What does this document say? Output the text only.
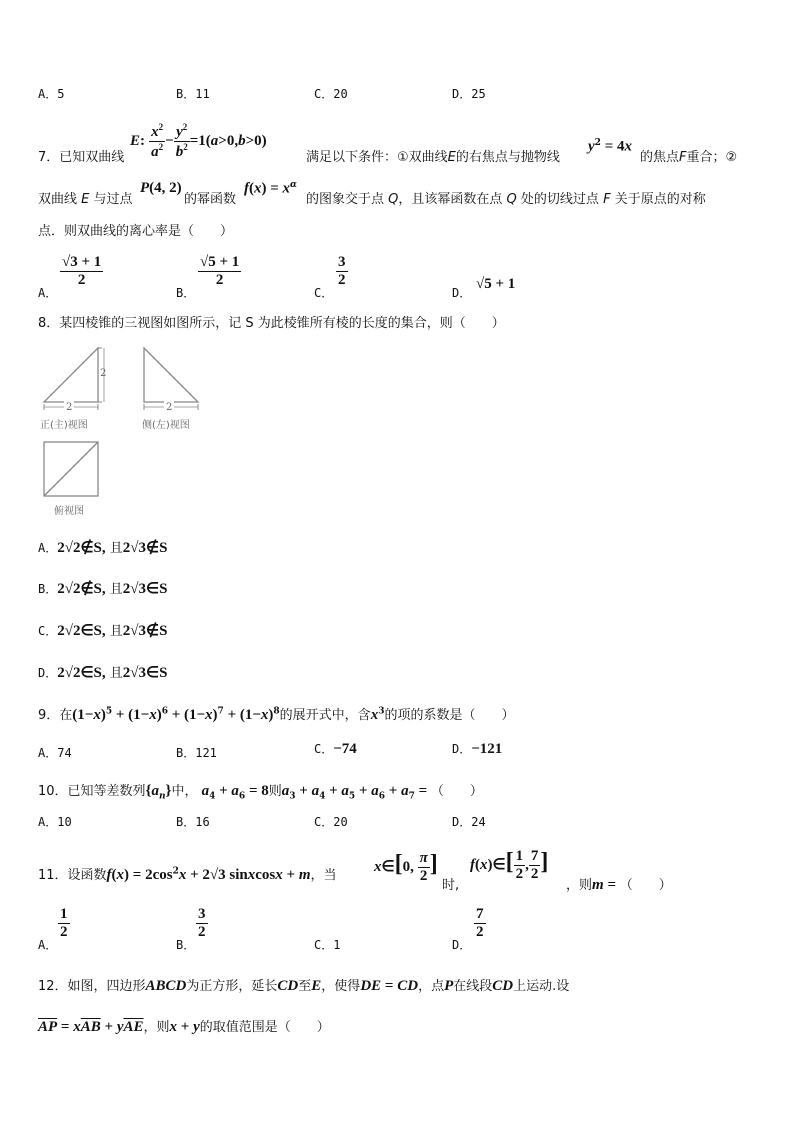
A．5	B．11	C．20	D．25
E: $\frac{x^2}{a^2} - \frac{y^2}{b^2} =1(a>0,b>0)$
7．已知双曲线	满足以下条件：①双曲线E的右焦点与抛物线
$y^2 = 4x$
的焦点F重合；②
双曲线 E 与过点
P(4, 2)
的幂函数
$f(x) = x^\alpha$
的图象交于点 Q，且该幂函数在点 Q 处的切线过点 F 关于原点的对称
点．则双曲线的离心率是（　　）
A．
$\frac{√3 + 1}{2}$
B．
$\frac{√5 + 1}{2}$
C．
$\frac{3}{2}$
D．
√5 + 1
8．某四棱锥的三视图如图所示，记 S 为此棱锥所有棱的长度的集合，则（　　）
2
2	2
正(主)视图	侧(左)视图
俯视图
A．2√2∉S, 且2√3∉S
B．2√2∉S, 且2√3∈S
C．2√2∈S, 且2√3∉S
D．2√2∈S, 且2√3∈S
9．在$(1-x)^5 + (1-x)^6 + (1-x)^7 + (1-x)^8$的展开式中，含$x^3$的项的系数是（　　）
A．74	B．121	C．−74	D．−121
10．已知等差数列$\{a_n\}$中， $a_4 + a_6 = 8$则$a_3 + a_4 + a_5 + a_6 + a_7$ = （　　）
A．10	B．16	C．20	D．24
11．设函数$f(x) = 2\cos^2x + 2√3$ sinxcosx + m，当
x∈[0, $\frac{\pi}{2}$ ]
时,
f(x)∈[ $\frac{1}{2}$ , $\frac{7}{2}$ ]
，则m = （　　）
A．
$\frac{1}{2}$
B．
$\frac{3}{2}$
C．1	D．
$\frac{7}{2}$
12．如图，四边形ABCD为正方形，延长CD至E，使得DE = CD，点P在线段CD上运动.设
$\overline{AP} = x\overline{AB} + y\overline{AE}$，则x + y的取值范围是（　　）
